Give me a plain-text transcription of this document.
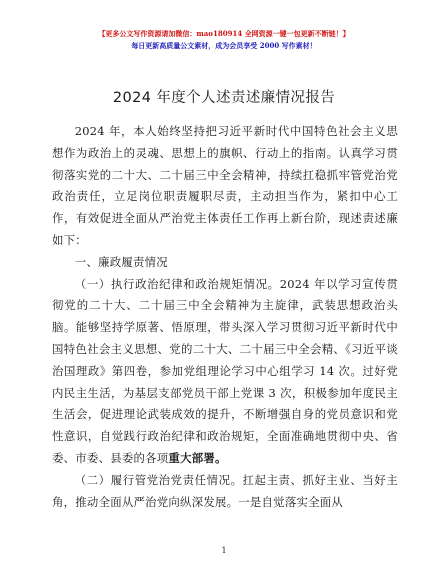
【更多公文写作资源请加微信：mao180914 全网资源一键一包更新不断链！】
每日更新高质量公文素材，成为会员享受 2000 写作素材！
2024 年度个人述责述廉情况报告

2024 年，本人始终坚持把习近平新时代中国特色社会主义思想作为政治上的灵魂、思想上的旗帜、行动上的指南。认真学习贯彻落实党的二十大、二十届三中全会精神，持续扛稳抓牢管党治党政治责任，立足岗位职责履职尽责，主动担当作为，紧扣中心工作，有效促进全面从严治党主体责任工作再上新台阶，现述责述廉如下：

一、廉政履责情况

（一）执行政治纪律和政治规矩情况。2024 年以学习宣传贯彻党的二十大、二十届三中全会精神为主旋律，武装思想政治头脑。能够坚持学原著、悟原理，带头深入学习贯彻习近平新时代中国特色社会主义思想、党的二十大、二十届三中全会精、《习近平谈治国理政》第四卷，参加党组理论学习中心组学习 14 次。过好党内民主生活，为基层支部党员干部上党课 3 次，积极参加年度民主生活会，促进理论武装成效的提升，不断增强自身的党员意识和党性意识，自觉践行政治纪律和政治规矩，全面准确地贯彻中央、省委、市委、县委的各项重大部署。

（二）履行管党治党责任情况。扛起主责、抓好主业、当好主角，推动全面从严治党向纵深发展。一是自觉落实全面从

1
